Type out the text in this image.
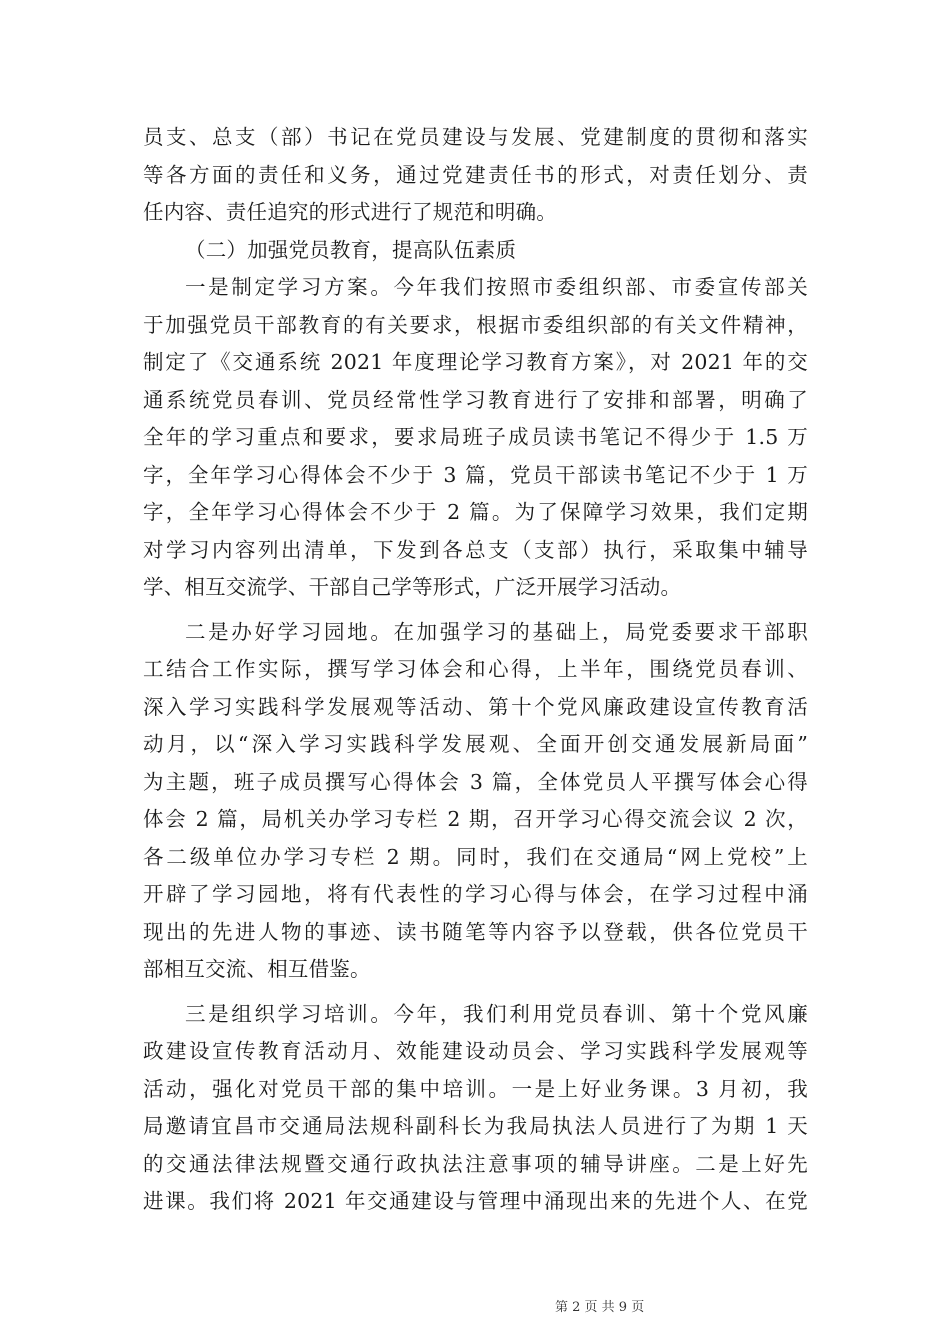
员支、总支（部）书记在党员建设与发展、党建制度的贯彻和落实
等各方面的责任和义务，通过党建责任书的形式，对责任划分、责
任内容、责任追究的形式进行了规范和明确。
（二）加强党员教育，提高队伍素质
一是制定学习方案。今年我们按照市委组织部、市委宣传部关
于加强党员干部教育的有关要求，根据市委组织部的有关文件精神，
制定了《交通系统 2021 年度理论学习教育方案》，对 2021 年的交
通系统党员春训、党员经常性学习教育进行了安排和部署，明确了
全年的学习重点和要求，要求局班子成员读书笔记不得少于 1.5 万
字，全年学习心得体会不少于 3 篇，党员干部读书笔记不少于 1 万
字，全年学习心得体会不少于 2 篇。为了保障学习效果，我们定期
对学习内容列出清单，下发到各总支（支部）执行，采取集中辅导
学、相互交流学、干部自己学等形式，广泛开展学习活动。
二是办好学习园地。在加强学习的基础上，局党委要求干部职
工结合工作实际，撰写学习体会和心得，上半年，围绕党员春训、
深入学习实践科学发展观等活动、第十个党风廉政建设宣传教育活
动月，以“深入学习实践科学发展观、全面开创交通发展新局面”
为主题，班子成员撰写心得体会 3 篇，全体党员人平撰写体会心得
体会 2 篇，局机关办学习专栏 2 期，召开学习心得交流会议 2 次，
各二级单位办学习专栏 2 期。同时，我们在交通局“网上党校”上
开辟了学习园地，将有代表性的学习心得与体会，在学习过程中涌
现出的先进人物的事迹、读书随笔等内容予以登载，供各位党员干
部相互交流、相互借鉴。
三是组织学习培训。今年，我们利用党员春训、第十个党风廉
政建设宣传教育活动月、效能建设动员会、学习实践科学发展观等
活动，强化对党员干部的集中培训。一是上好业务课。3 月初，我
局邀请宜昌市交通局法规科副科长为我局执法人员进行了为期 1 天
的交通法律法规暨交通行政执法注意事项的辅导讲座。二是上好先
进课。我们将 2021 年交通建设与管理中涌现出来的先进个人、在党
第 2 页 共 9 页
